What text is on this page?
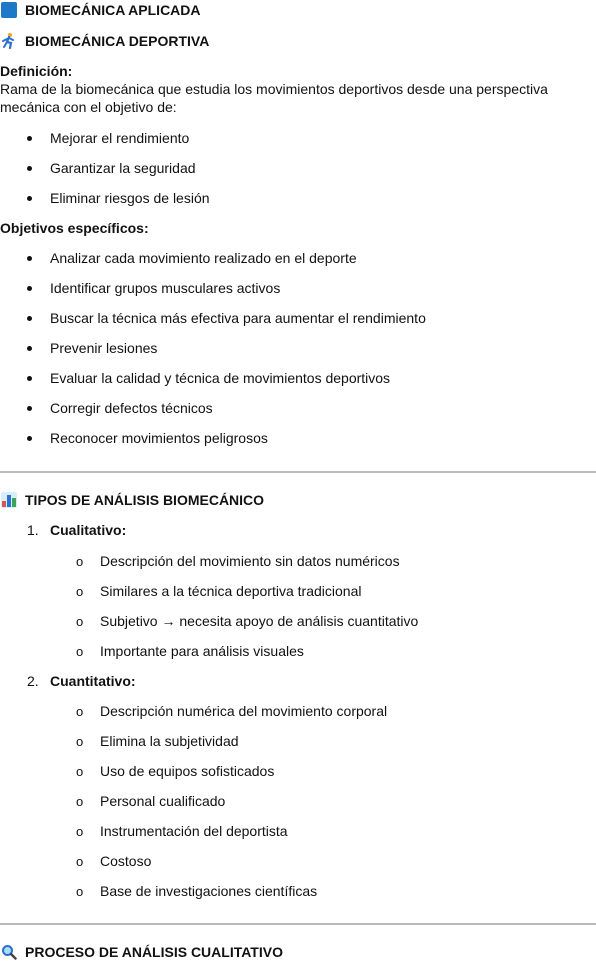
BIOMECÁNICA APLICADA
BIOMECÁNICA DEPORTIVA
Definición:
Rama de la biomecánica que estudia los movimientos deportivos desde una perspectiva
mecánica con el objetivo de:
Mejorar el rendimiento
Garantizar la seguridad
Eliminar riesgos de lesión
Objetivos específicos:
Analizar cada movimiento realizado en el deporte
Identificar grupos musculares activos
Buscar la técnica más efectiva para aumentar el rendimiento
Prevenir lesiones
Evaluar la calidad y técnica de movimientos deportivos
Corregir defectos técnicos
Reconocer movimientos peligrosos
TIPOS DE ANÁLISIS BIOMECÁNICO
1. Cualitativo:
o Descripción del movimiento sin datos numéricos
o Similares a la técnica deportiva tradicional
o Subjetivo → necesita apoyo de análisis cuantitativo
o Importante para análisis visuales
2. Cuantitativo:
o Descripción numérica del movimiento corporal
o Elimina la subjetividad
o Uso de equipos sofisticados
o Personal cualificado
o Instrumentación del deportista
o Costoso
o Base de investigaciones científicas
PROCESO DE ANÁLISIS CUALITATIVO
